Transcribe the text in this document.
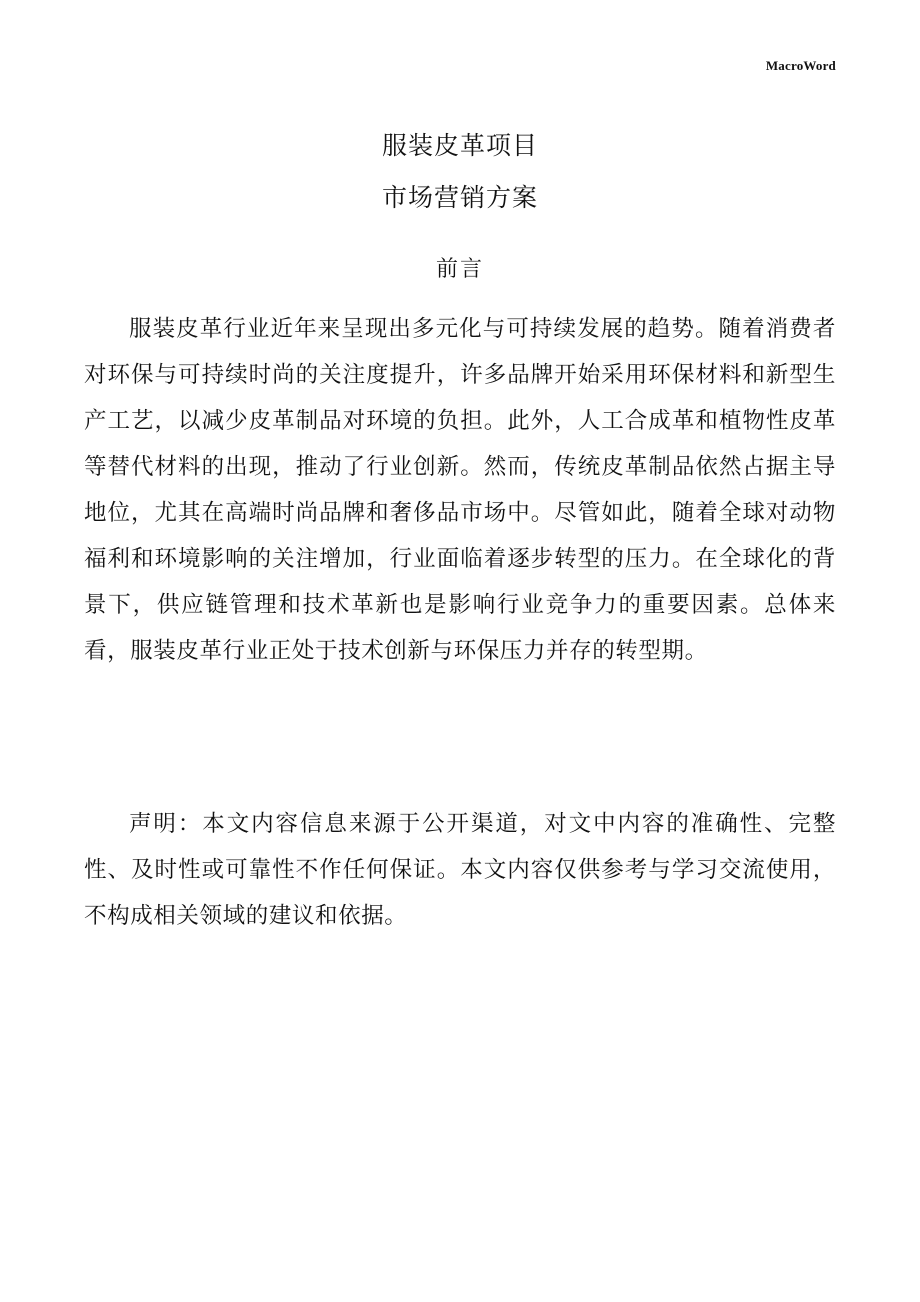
MacroWord
服装皮革项目
市场营销方案
前言

服装皮革行业近年来呈现出多元化与可持续发展的趋势。随着消费者对环保与可持续时尚的关注度提升，许多品牌开始采用环保材料和新型生产工艺，以减少皮革制品对环境的负担。此外，人工合成革和植物性皮革等替代材料的出现，推动了行业创新。然而，传统皮革制品依然占据主导地位，尤其在高端时尚品牌和奢侈品市场中。尽管如此，随着全球对动物福利和环境影响的关注增加，行业面临着逐步转型的压力。在全球化的背景下，供应链管理和技术革新也是影响行业竞争力的重要因素。总体来看，服装皮革行业正处于技术创新与环保压力并存的转型期。

声明：本文内容信息来源于公开渠道，对文中内容的准确性、完整性、及时性或可靠性不作任何保证。本文内容仅供参考与学习交流使用，不构成相关领域的建议和依据。
